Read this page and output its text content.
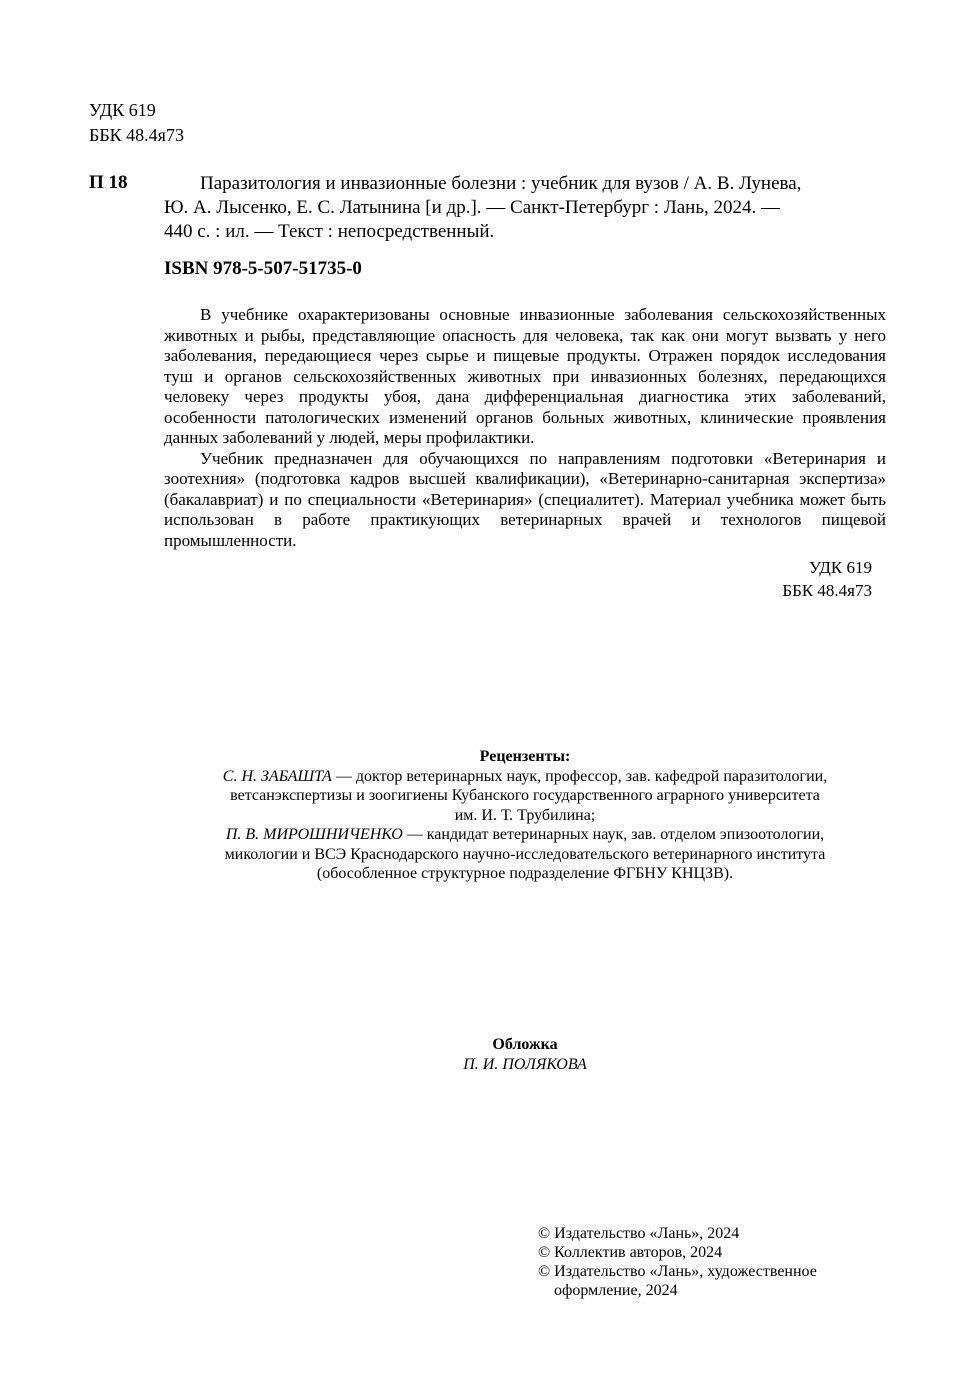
УДК 619
ББК 48.4я73
П 18	Паразитология и инвазионные болезни : учебник для вузов / А. В. Лунева,
Ю. А. Лысенко, Е. С. Латынина [и др.]. — Санкт-Петербург : Лань, 2024. —
440 с. : ил. — Текст : непосредственный.
ISBN 978-5-507-51735-0

В учебнике охарактеризованы основные инвазионные заболевания сельскохозяйственных животных и рыбы, представляющие опасность для человека, так как они могут вызвать у него заболевания, передающиеся через сырье и пищевые продукты. Отражен порядок исследования туш и органов сельскохозяйственных животных при инвазионных болезнях, передающихся человеку через продукты убоя, дана дифференциальная диагностика этих заболеваний, особенности патологических изменений органов больных животных, клинические проявления данных заболеваний у людей, меры профилактики.

Учебник предназначен для обучающихся по направлениям подготовки «Ветеринария и зоотехния» (подготовка кадров высшей квалификации), «Ветеринарно-санитарная экспертиза» (бакалавриат) и по специальности «Ветеринария» (специалитет). Материал учебника может быть использован в работе практикующих ветеринарных врачей и технологов пищевой промышленности.

УДК 619
ББК 48.4я73
Рецензенты:
С. Н. ЗАБАШТА — доктор ветеринарных наук, профессор, зав. кафедрой паразитологии,
ветсанэкспертизы и зоогигиены Кубанского государственного аграрного университета
им. И. Т. Трубилина;
П. В. МИРОШНИЧЕНКО — кандидат ветеринарных наук, зав. отделом эпизоотологии,
микологии и ВСЭ Краснодарского научно-исследовательского ветеринарного института
(обособленное структурное подразделение ФГБНУ КНЦЗВ).
Обложка
П. И. ПОЛЯКОВА
© Издательство «Лань», 2024
© Коллектив авторов, 2024
© Издательство «Лань», художественное
оформление, 2024
